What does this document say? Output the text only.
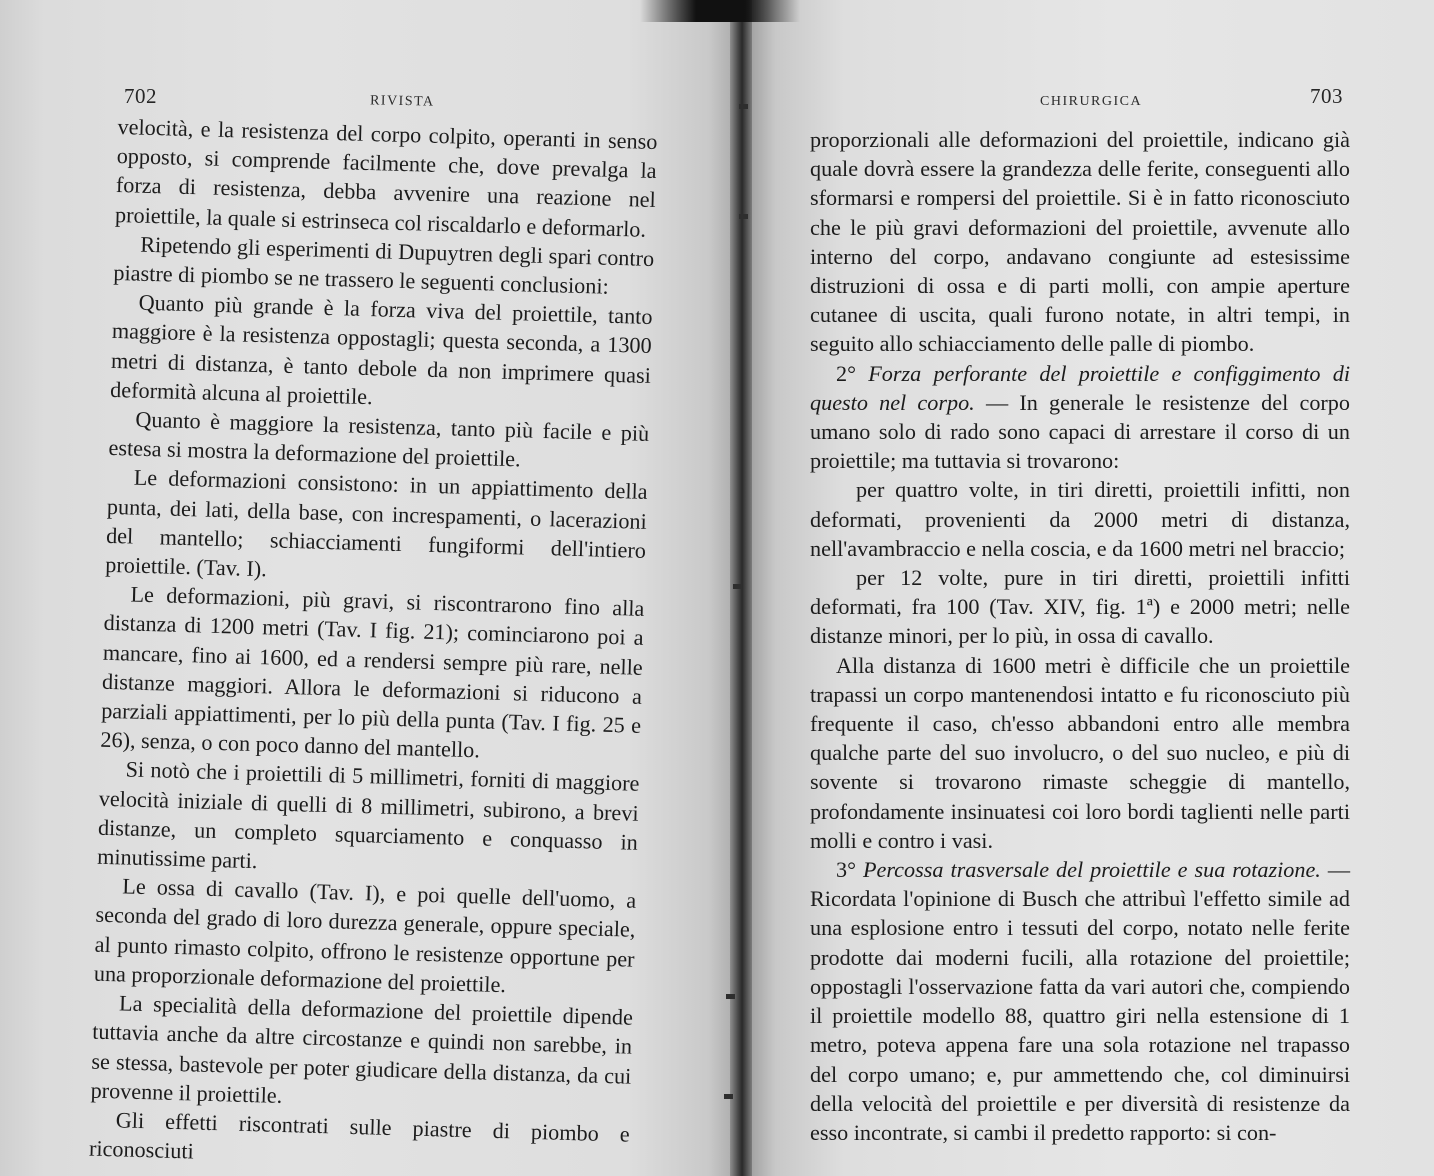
702	RIVISTA

velocità, e la resistenza del corpo colpito, operanti in senso opposto, si comprende facilmente che, dove prevalga la forza di resistenza, debba avvenire una reazione nel proiettile, la quale si estrinseca col riscaldarlo e deformarlo.

Ripetendo gli esperimenti di Dupuytren degli spari contro piastre di piombo se ne trassero le seguenti conclusioni:

Quanto più grande è la forza viva del proiettile, tanto maggiore è la resistenza oppostagli; questa seconda, a 1300 metri di distanza, è tanto debole da non imprimere quasi deformità alcuna al proiettile.

Quanto è maggiore la resistenza, tanto più facile e più estesa si mostra la deformazione del proiettile.

Le deformazioni consistono: in un appiattimento della punta, dei lati, della base, con increspamenti, o lacerazioni del mantello; schiacciamenti fungiformi dell'intiero proiettile. (Tav. I).

Le deformazioni, più gravi, si riscontrarono fino alla distanza di 1200 metri (Tav. I fig. 21); cominciarono poi a mancare, fino ai 1600, ed a rendersi sempre più rare, nelle distanze maggiori. Allora le deformazioni si riducono a parziali appiattimenti, per lo più della punta (Tav. I fig. 25 e 26), senza, o con poco danno del mantello.

Si notò che i proiettili di 5 millimetri, forniti di maggiore velocità iniziale di quelli di 8 millimetri, subirono, a brevi distanze, un completo squarciamento e conquasso in minutissime parti.

Le ossa di cavallo (Tav. I), e poi quelle dell'uomo, a seconda del grado di loro durezza generale, oppure speciale, al punto rimasto colpito, offrono le resistenze opportune per una proporzionale deformazione del proiettile.

La specialità della deformazione del proiettile dipende tuttavia anche da altre circostanze e quindi non sarebbe, in se stessa, bastevole per poter giudicare della distanza, da cui provenne il proiettile.

Gli effetti riscontrati sulle piastre di piombo e riconosciuti

CHIRURGICA	703

proporzionali alle deformazioni del proiettile, indicano già quale dovrà essere la grandezza delle ferite, conseguenti allo sformarsi e rompersi del proiettile. Si è in fatto riconosciuto che le più gravi deformazioni del proiettile, avvenute allo interno del corpo, andavano congiunte ad estesissime distruzioni di ossa e di parti molli, con ampie aperture cutanee di uscita, quali furono notate, in altri tempi, in seguito allo schiacciamento delle palle di piombo.

2° Forza perforante del proiettile e configgimento di questo nel corpo. — In generale le resistenze del corpo umano solo di rado sono capaci di arrestare il corso di un proiettile; ma tuttavia si trovarono:

per quattro volte, in tiri diretti, proiettili infitti, non deformati, provenienti da 2000 metri di distanza, nell'avambraccio e nella coscia, e da 1600 metri nel braccio;

per 12 volte, pure in tiri diretti, proiettili infitti deformati, fra 100 (Tav. XIV, fig. 1ª) e 2000 metri; nelle distanze minori, per lo più, in ossa di cavallo.

Alla distanza di 1600 metri è difficile che un proiettile trapassi un corpo mantenendosi intatto e fu riconosciuto più frequente il caso, ch'esso abbandoni entro alle membra qualche parte del suo involucro, o del suo nucleo, e più di sovente si trovarono rimaste scheggie di mantello, profondamente insinuatesi coi loro bordi taglienti nelle parti molli e contro i vasi.

3° Percossa trasversale del proiettile e sua rotazione. — Ricordata l'opinione di Busch che attribuì l'effetto simile ad una esplosione entro i tessuti del corpo, notato nelle ferite prodotte dai moderni fucili, alla rotazione del proiettile; oppostagli l'osservazione fatta da vari autori che, compiendo il proiettile modello 88, quattro giri nella estensione di 1 metro, poteva appena fare una sola rotazione nel trapasso del corpo umano; e, pur ammettendo che, col diminuirsi della velocità del proiettile e per diversità di resistenze da esso incontrate, si cambi il predetto rapporto: si con-
